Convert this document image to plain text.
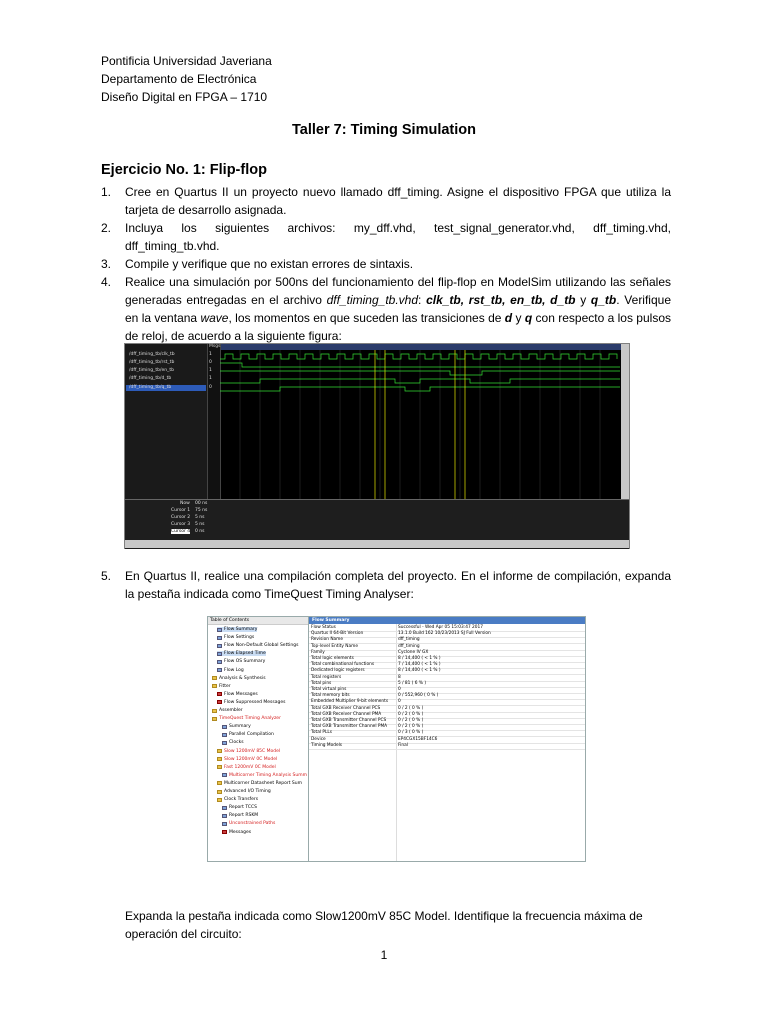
Pontificia Universidad Javeriana
Departamento de Electrónica
Diseño Digital en FPGA – 1710
Taller 7: Timing Simulation
Ejercicio No. 1: Flip-flop
1.	Cree en Quartus II un proyecto nuevo llamado dff_timing. Asigne el dispositivo FPGA que utiliza la tarjeta de desarrollo asignada.
2.	Incluya los siguientes archivos: my_dff.vhd, test_signal_generator.vhd, dff_timing.vhd, dff_timing_tb.vhd.
3.	Compile y verifique que no existan errores de sintaxis.
4.	Realice una simulación por 500ns del funcionamiento del flip-flop en ModelSim utilizando las señales generadas entregadas en el archivo dff_timing_tb.vhd: clk_tb, rst_tb, en_tb, d_tb y q_tb. Verifique en la ventana wave, los momentos en que suceden las transiciones de d y q con respecto a los pulsos de reloj, de acuerdo a la siguiente figura:
/dff_timing_tb/clk_tb
/dff_timing_tb/rst_tb
/dff_timing_tb/en_tb
/dff_timing_tb/d_tb
/dff_timing_tb/q_tb
Msgs
1
0
1
1
0
Now 00 ns
Cursor 1 75 ns
Cursor 2 5 ns
Cursor 3 5 ns
Cursor 4 0 ns
5.	En Quartus II, realice una compilación completa del proyecto. En el informe de compilación, expanda la pestaña indicada como TimeQuest Timing Analyser:
Table of Contents
Flow Summary
Flow Settings
Flow Non-Default Global Settings
Flow Elapsed Time
Flow OS Summary
Flow Log
Analysis & Synthesis
Fitter
Flow Messages
Flow Suppressed Messages
Assembler
TimeQuest Timing Analyzer
Summary
Parallel Compilation
Clocks
Slow 1200mV 85C Model
Slow 1200mV 0C Model
Fast 1200mV 0C Model
Multicorner Timing Analysis Summ
Multicorner Datasheet Report Sum
Advanced I/O Timing
Clock Transfers
Report TCCS
Report RSKM
Unconstrained Paths
Messages
Flow Summary
Flow Status	Successful - Wed Apr 05 15:03:47 2017
Quartus II 64-Bit Version	13.1.0 Build 162 10/23/2013 SJ Full Version
Revision Name	dff_timing
Top-level Entity Name	dff_timing
Family	Cyclone IV GX
Total logic elements	8 / 14,400 ( < 1 % )
Total combinational functions	7 / 14,400 ( < 1 % )
Dedicated logic registers	8 / 14,400 ( < 1 % )
Total registers	8
Total pins	5 / 81 ( 6 % )
Total virtual pins	0
Total memory bits	0 / 552,960 ( 0 % )
Embedded Multiplier 9-bit elements 0
Total GXB Receiver Channel PCS	0 / 2 ( 0 % )
Total GXB Receiver Channel PMA	0 / 2 ( 0 % )
Total GXB Transmitter Channel PCS	0 / 2 ( 0 % )
Total GXB Transmitter Channel PMA	0 / 2 ( 0 % )
Total PLLs	0 / 3 ( 0 % )
Device	EP4CGX15BF14C6
Timing Models	Final
Expanda la pestaña indicada como Slow1200mV 85C Model. Identifique la frecuencia máxima de operación del circuito:
1
